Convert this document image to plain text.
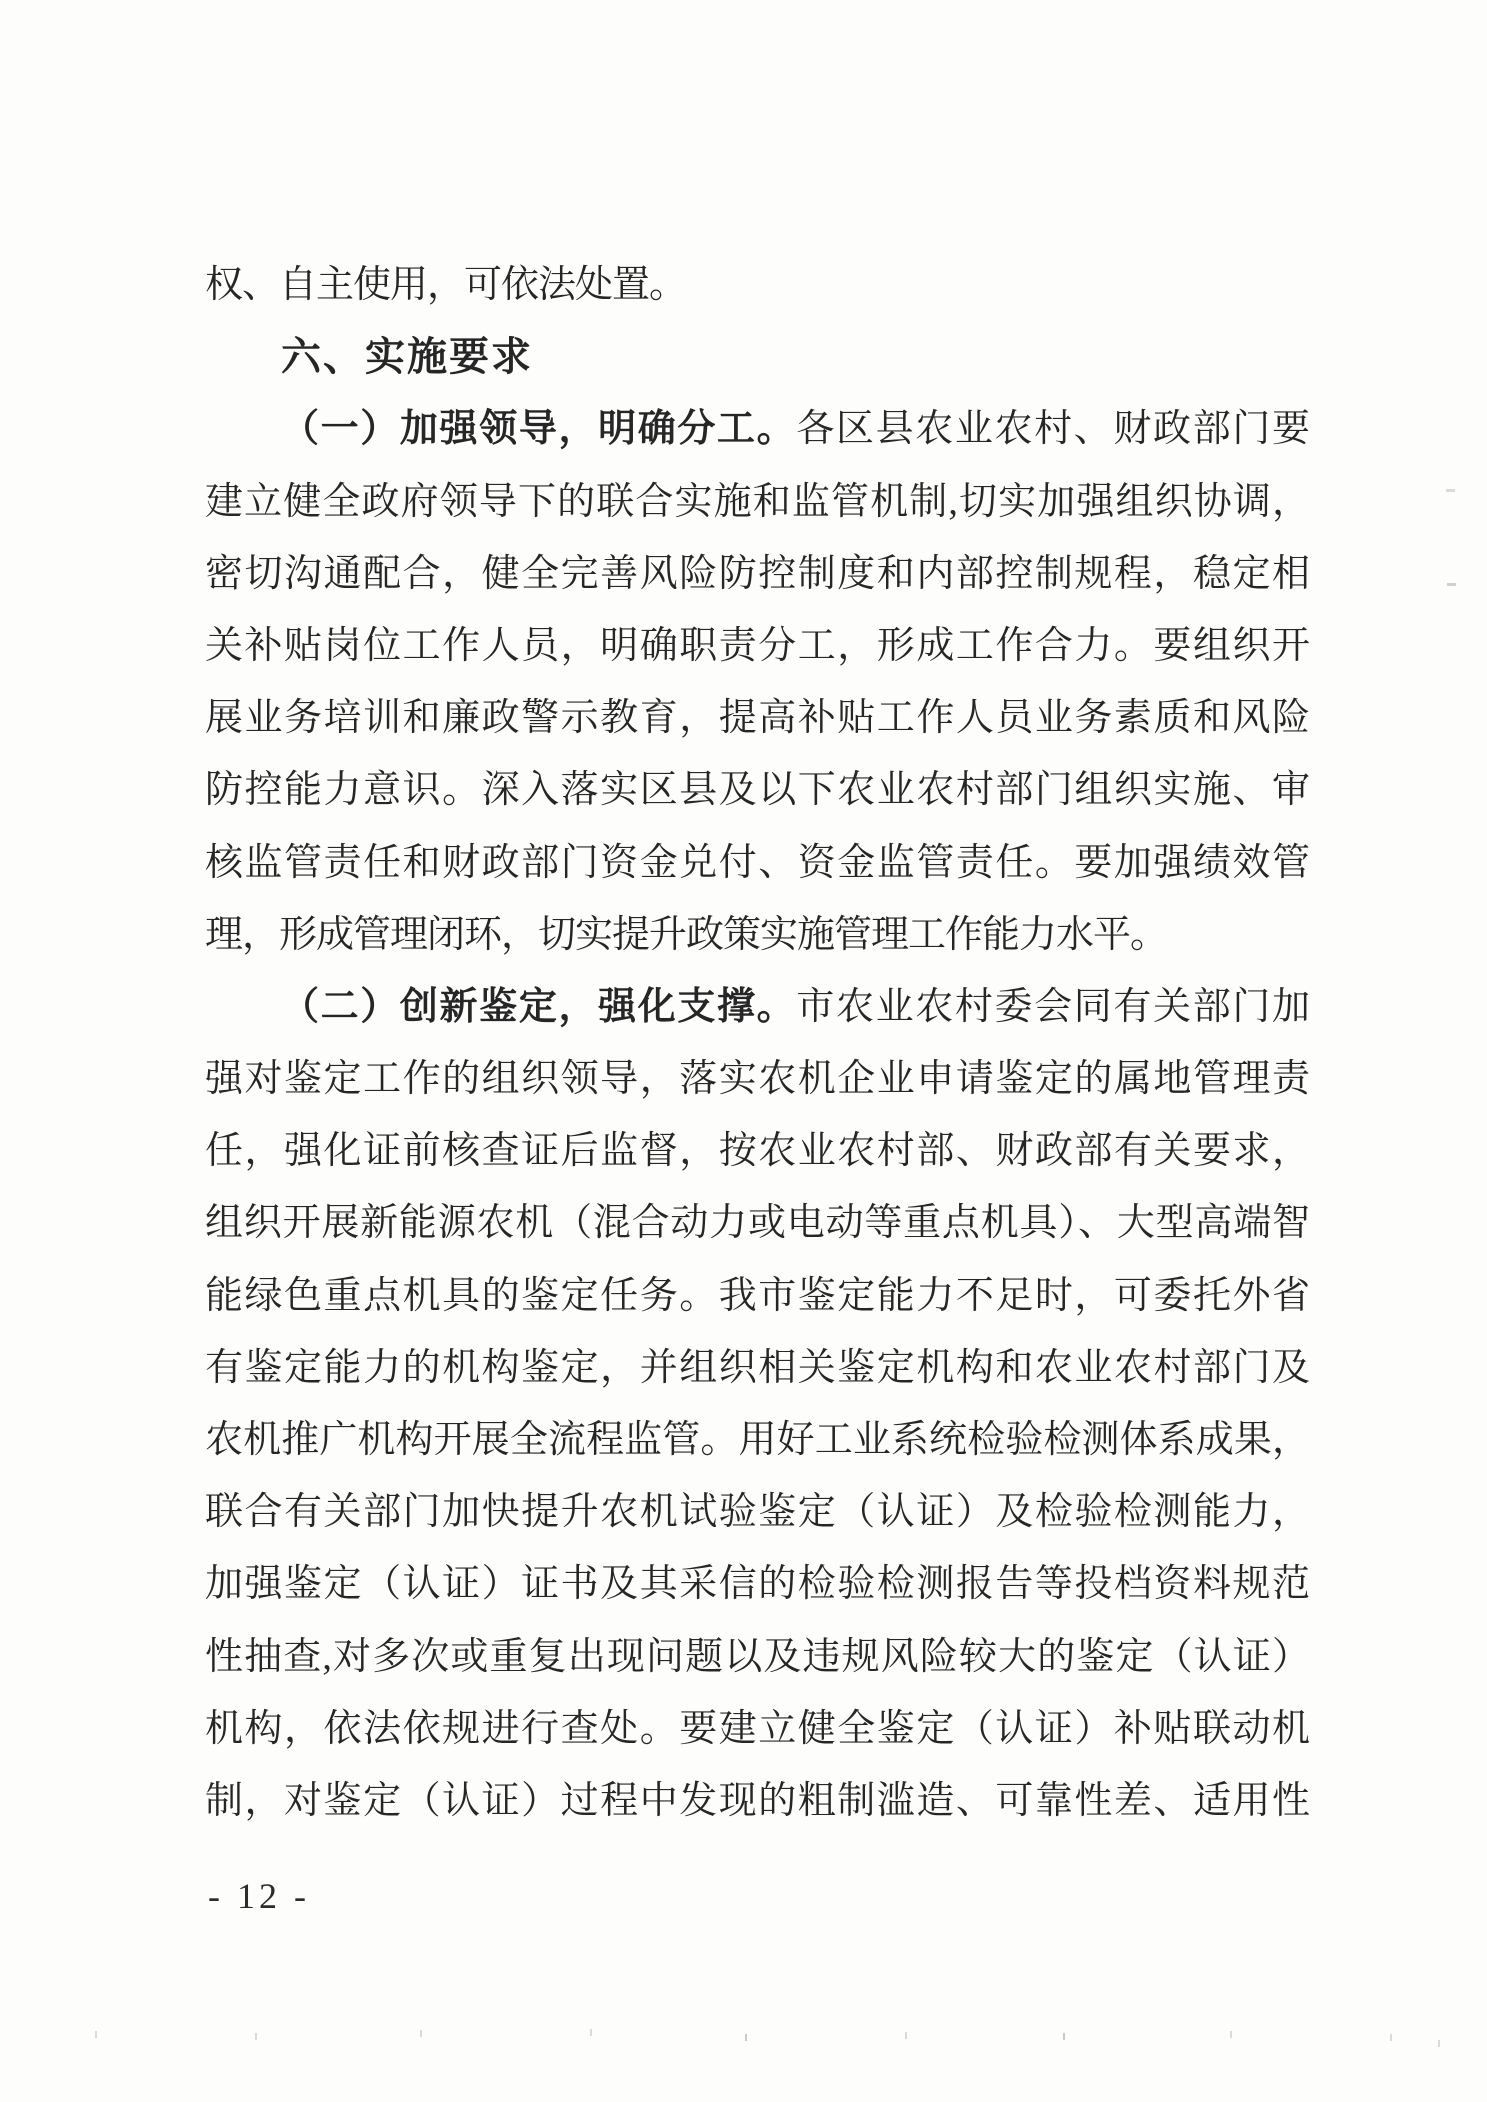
权、自主使用，可依法处置。
六、实施要求
（一）加强领导，明确分工。各区县农业农村、财政部门要
建立健全政府领导下的联合实施和监管机制,切实加强组织协调，
密切沟通配合，健全完善风险防控制度和内部控制规程，稳定相
关补贴岗位工作人员，明确职责分工，形成工作合力。要组织开
展业务培训和廉政警示教育，提高补贴工作人员业务素质和风险
防控能力意识。深入落实区县及以下农业农村部门组织实施、审
核监管责任和财政部门资金兑付、资金监管责任。要加强绩效管
理，形成管理闭环，切实提升政策实施管理工作能力水平。
（二）创新鉴定，强化支撑。市农业农村委会同有关部门加
强对鉴定工作的组织领导，落实农机企业申请鉴定的属地管理责
任，强化证前核查证后监督，按农业农村部、财政部有关要求，
组织开展新能源农机（混合动力或电动等重点机具）、大型高端智
能绿色重点机具的鉴定任务。我市鉴定能力不足时，可委托外省
有鉴定能力的机构鉴定，并组织相关鉴定机构和农业农村部门及
农机推广机构开展全流程监管。用好工业系统检验检测体系成果，
联合有关部门加快提升农机试验鉴定（认证）及检验检测能力，
加强鉴定（认证）证书及其采信的检验检测报告等投档资料规范
性抽查,对多次或重复出现问题以及违规风险较大的鉴定（认证）
机构，依法依规进行查处。要建立健全鉴定（认证）补贴联动机
制，对鉴定（认证）过程中发现的粗制滥造、可靠性差、适用性
- 12 -
